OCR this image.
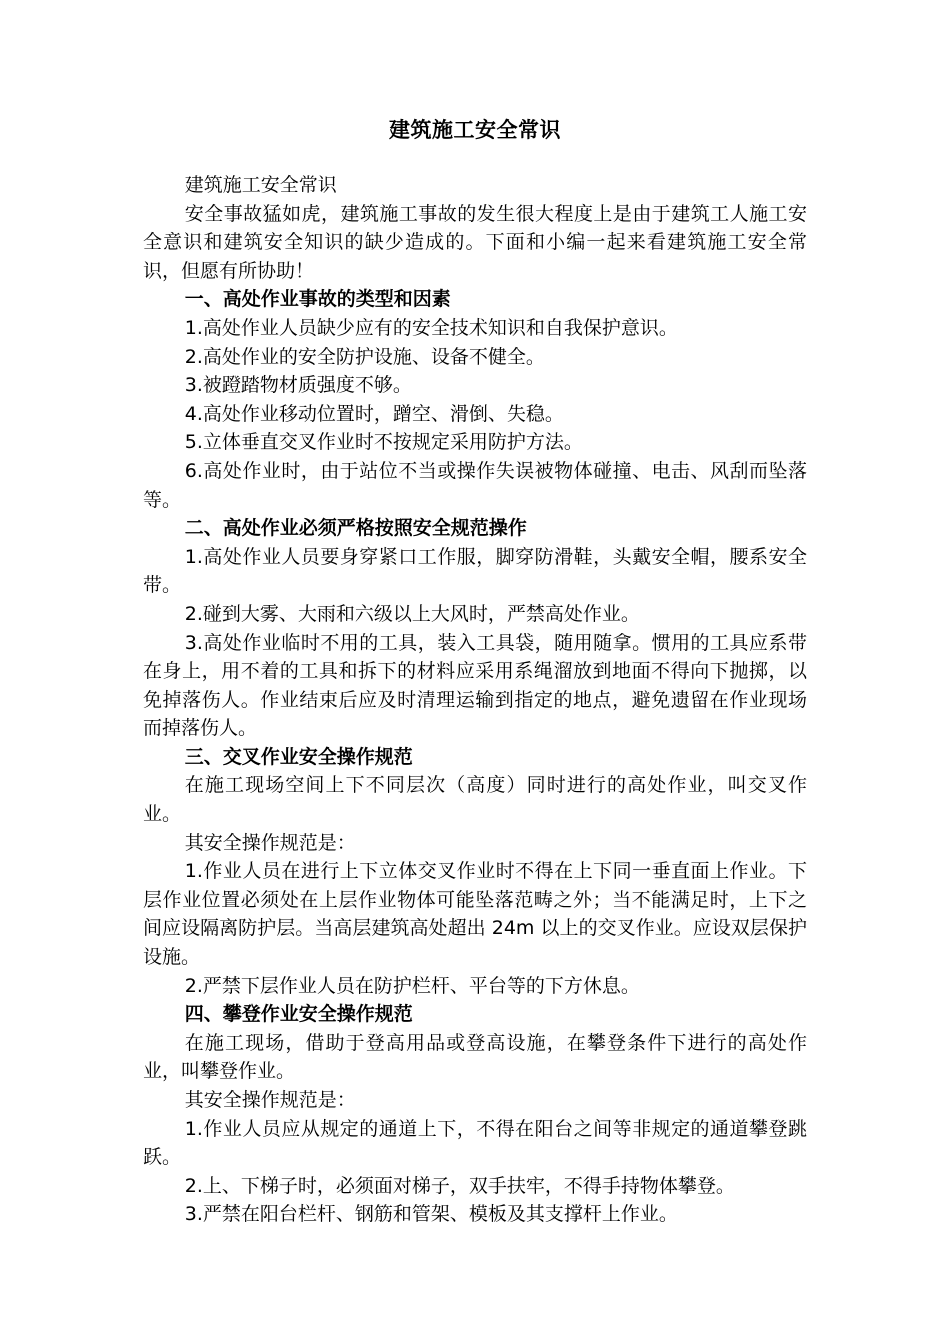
建筑施工安全常识

建筑施工安全常识

安全事故猛如虎，建筑施工事故的发生很大程度上是由于建筑工人施工安全意识和建筑安全知识的缺少造成的。下面和小编一起来看建筑施工安全常识，但愿有所协助！

一、高处作业事故的类型和因素

1.高处作业人员缺少应有的安全技术知识和自我保护意识。

2.高处作业的安全防护设施、设备不健全。

3.被蹬踏物材质强度不够。

4.高处作业移动位置时，蹭空、滑倒、失稳。

5.立体垂直交叉作业时不按规定采用防护方法。

6.高处作业时，由于站位不当或操作失误被物体碰撞、电击、风刮而坠落等。

二、高处作业必须严格按照安全规范操作

1.高处作业人员要身穿紧口工作服，脚穿防滑鞋，头戴安全帽，腰系安全带。

2.碰到大雾、大雨和六级以上大风时，严禁高处作业。

3.高处作业临时不用的工具，装入工具袋，随用随拿。惯用的工具应系带在身上，用不着的工具和拆下的材料应采用系绳溜放到地面不得向下抛掷，以免掉落伤人。作业结束后应及时清理运输到指定的地点，避免遗留在作业现场而掉落伤人。

三、交叉作业安全操作规范

在施工现场空间上下不同层次（高度）同时进行的高处作业，叫交叉作业。

其安全操作规范是：

1.作业人员在进行上下立体交叉作业时不得在上下同一垂直面上作业。下层作业位置必须处在上层作业物体可能坠落范畴之外；当不能满足时，上下之间应设隔离防护层。当高层建筑高处超出 24m 以上的交叉作业。应设双层保护设施。

2.严禁下层作业人员在防护栏杆、平台等的下方休息。

四、攀登作业安全操作规范

在施工现场，借助于登高用品或登高设施，在攀登条件下进行的高处作业，叫攀登作业。

其安全操作规范是：

1.作业人员应从规定的通道上下，不得在阳台之间等非规定的通道攀登跳跃。

2.上、下梯子时，必须面对梯子，双手扶牢，不得手持物体攀登。

3.严禁在阳台栏杆、钢筋和管架、模板及其支撑杆上作业。
